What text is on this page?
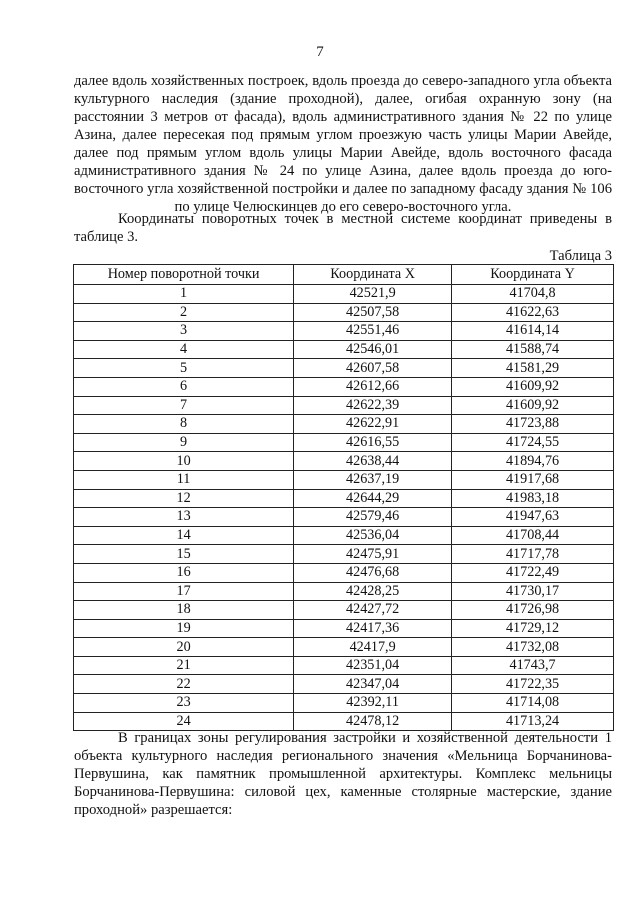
7
далее вдоль хозяйственных построек, вдоль проезда до северо-западного угла объекта культурного наследия (здание проходной), далее, огибая охранную зону (на расстоянии 3 метров от фасада), вдоль административного здания № 22 по улице Азина, далее пересекая под прямым углом проезжую часть улицы Марии Авейде, далее под прямым углом вдоль улицы Марии Авейде, вдоль восточного фасада административного здания № 24 по улице Азина, далее вдоль проезда до юго-восточного угла хозяйственной постройки и далее по западному фасаду здания № 106 по улице Челюскинцев до его северо-восточного угла.
Координаты поворотных точек в местной системе координат приведены в таблице 3.
Таблица 3
Номер поворотной точки	Координата X	Координата Y
1	42521,9	41704,8
2	42507,58	41622,63
3	42551,46	41614,14
4	42546,01	41588,74
5	42607,58	41581,29
6	42612,66	41609,92
7	42622,39	41609,92
8	42622,91	41723,88
9	42616,55	41724,55
10	42638,44	41894,76
11	42637,19	41917,68
12	42644,29	41983,18
13	42579,46	41947,63
14	42536,04	41708,44
15	42475,91	41717,78
16	42476,68	41722,49
17	42428,25	41730,17
18	42427,72	41726,98
19	42417,36	41729,12
20	42417,9	41732,08
21	42351,04	41743,7
22	42347,04	41722,35
23	42392,11	41714,08
24	42478,12	41713,24
В границах зоны регулирования застройки и хозяйственной деятельности 1 объекта культурного наследия регионального значения «Мельница Борчанинова-Первушина, как памятник промышленной архитектуры. Комплекс мельницы Борчанинова-Первушина: силовой цех, каменные столярные мастерские, здание проходной» разрешается:
